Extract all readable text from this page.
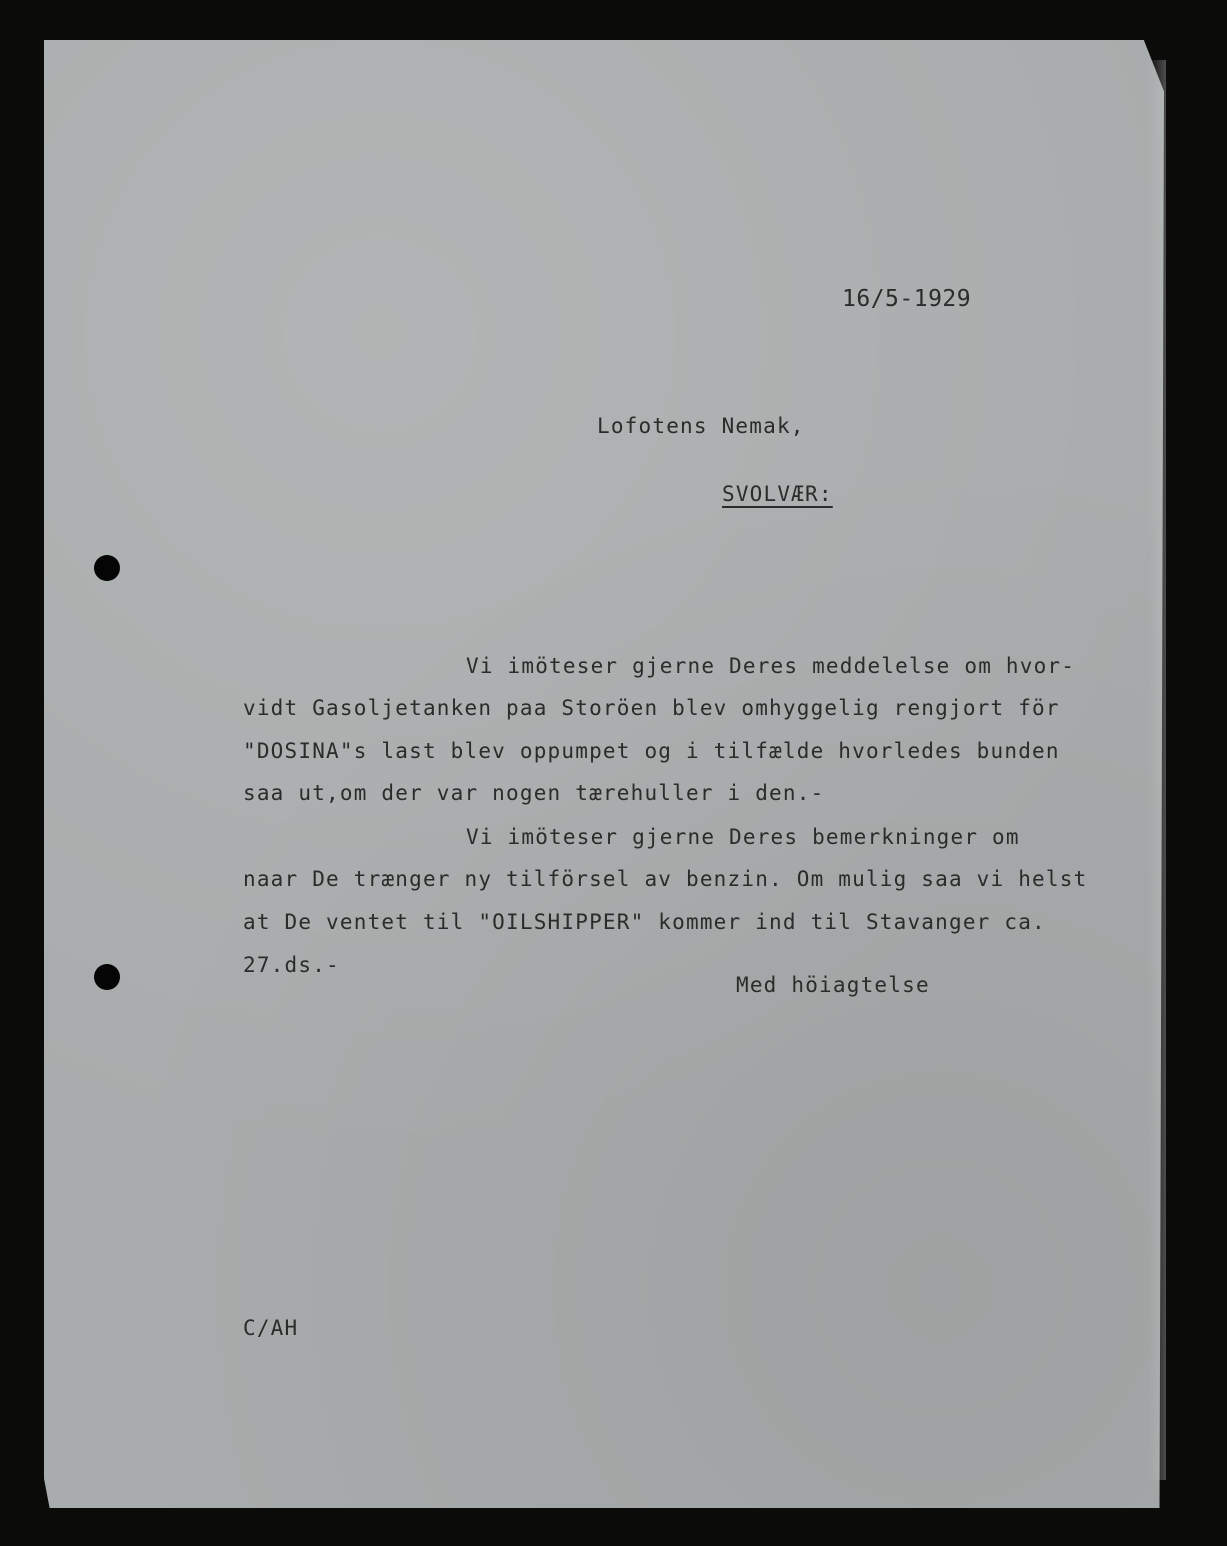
16/5-1929
Lofotens Nemak,
SVOLVÆR:
Vi imöteser gjerne Deres meddelelse om hvor-
vidt Gasoljetanken paa Storöen blev omhyggelig rengjort för
"DOSINA"s last blev oppumpet og i tilfælde hvorledes bunden
saa ut,om der var nogen tærehuller i den.-
Vi imöteser gjerne Deres bemerkninger om
naar De trænger ny tilförsel av benzin. Om mulig saa vi helst
at De ventet til "OILSHIPPER" kommer ind til Stavanger ca.
27.ds.-
Med höiagtelse
C/AH
